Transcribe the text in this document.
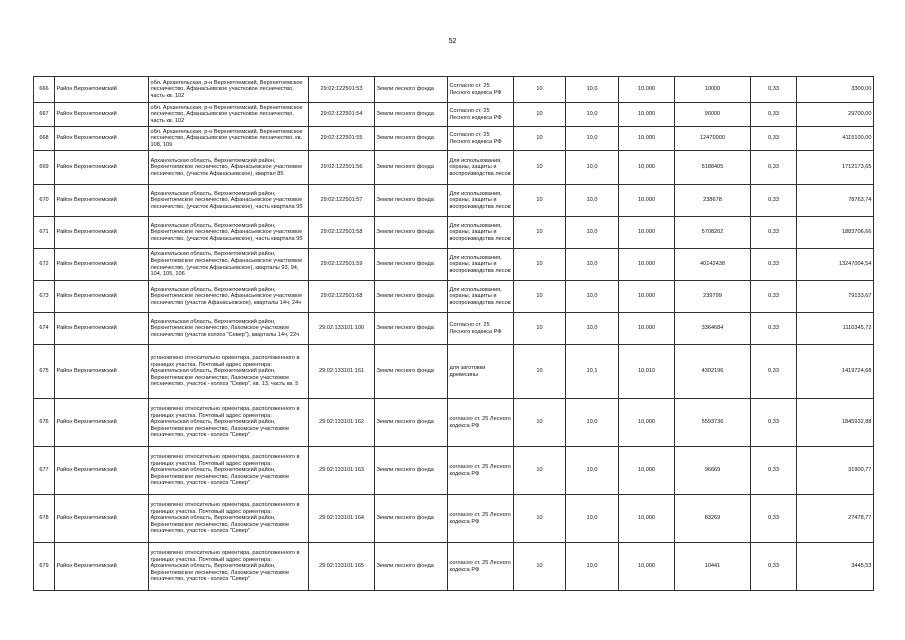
52
666	Район Верхнетоемский	обл. Архангельская, р-н Верхнетоемский, Верхнетоемское лесничество, Афанасьевское участковое лесничество, часть кв. 102	29:02:122501:53	Земли лесного фонда	Согласно ст. 25 Лесного кодекса РФ	10	10,0	10,000	10000	0,33	3300,00
667	Район Верхнетоемский	обл. Архангельская, р-н Верхнетоемский, Верхнетоемское лесничество, Афанасьевское участковое лесничество, часть кв. 102	29:02:122501:54	Земли лесного фонда	Согласно ст. 25 Лесного кодекса РФ	10	10,0	10,000	90000	0,33	29700,00
668	Район Верхнетоемский	обл. Архангельская, р-н Верхнетоемский, Верхнетоемское лесничество, Афанасьевское участковое лесничество, кв. 108, 109	29:02:122501:55	Земли лесного фонда	Согласно ст. 25 Лесного кодекса РФ	10	10,0	10,000	12470000	0,33	4115100,00
669	Район Верхнетоемский	Архангельская область, Верхнетоемский район, Верхнетоемское лесничество, Афанасьевское участковое лесничество, (участок Афанасьевское), квартал 85	29:02:122501:56	Земли лесного фонда	Для использования, охраны, защиты и воспроизводства лесов	10	10,0	10,000	5188405	0,33	1712173,65
670	Район Верхнетоемский	Архангельская область, Верхнетоемский район, Верхнетоемское лесничество, Афанасьевское участковое лесничество, (участок Афанасьевское), часть квартала 95	29:02:122501:57	Земли лесного фонда	Для использования, охраны, защиты и воспроизводства лесов	10	10,0	10,000	238678	0,33	78763,74
671	Район Верхнетоемский	Архангельская область, Верхнетоемский район, Верхнетоемское лесничество, Афанасьевское участковое лесничество, (участок Афанасьевское), часть квартала 95	29:02:122501:58	Земли лесного фонда	Для использования, охраны, защиты и воспроизводства лесов	10	10,0	10,000	5708202	0,33	1883706,66
672	Район Верхнетоемский	Архангельская область, Верхнетоемский район, Верхнетоемское лесничество, Афанасьевское участковое лесничество, (участок Афанасьевское), кварталы 93, 94, 104, 105, 106	29:02:122501:59	Земли лесного фонда	Для использования, охраны, защиты и воспроизводства лесов	10	10,0	10,000	40142438	0,33	13247004,54
673	Район Верхнетоемский	Архангельская область, Верхнетоемский район, Верхнетоемское лесничество, Афанасьевское участковое лесничество (участок Афанасьевское), кварталы 14ч, 24ч	29:02:122501:68	Земли лесного фонда	Для использования, охраны, защиты и воспроизводства лесов	10	10,0	10,000	239799	0,33	79133,67
674	Район Верхнетоемский	Архангельская область, Верхнетоемский район, Верхнетоемское лесничество, Лахомское участковое лесничество (участок колхоз "Север"), кварталы 14ч, 22ч	29:02:133101:100	Земли лесного фонда	Согласно ст. 25 Лесного кодекса РФ	10	10,0	10,000	3364684	0,33	1110345,72
675	Район Верхнетоемский	установлено относительно ориентира, расположенного в границах участка. Почтовый адрес ориентира: Архангельская область, Верхнетоемский район, Верхнетоемское лесничество, Лахомское участковое лесничество, участок - колхоз "Север", кв. 13, часть кв. 5	29:02:133101:161	Земли лесного фонда	для заготовки древесины	10	10,1	10,010	4302196	0,33	1419724,68
676	Район Верхнетоемский	установлено относительно ориентира, расположенного в границах участка. Почтовый адрес ориентира: Архангельская область, Верхнетоемский район, Верхнетоемское лесничество, Лахомское участковое лесничество, участок - колхоз "Север"	29:02:133101:162	Земли лесного фонда	согласно ст. 25 Лесного кодекса РФ	10	10,0	10,000	5593736	0,33	1845932,88
677	Район Верхнетоемский	установлено относительно ориентира, расположенного в границах участка. Почтовый адрес ориентира: Архангельская область, Верхнетоемский район, Верхнетоемское лесничество, Лахомское участковое лесничество, участок - колхоз "Север"	29:02:133101:163	Земли лесного фонда	согласно ст. 25 Лесного кодекса РФ	10	10,0	10,000	96669	0,33	31900,77
678	Район Верхнетоемский	установлено относительно ориентира, расположенного в границах участка. Почтовый адрес ориентира: Архангельская область, Верхнетоемский район, Верхнетоемское лесничество, Лахомское участковое лесничество, участок - колхоз "Север"	29:02:133101:164	Земли лесного фонда	согласно ст. 25 Лесного кодекса РФ	10	10,0	10,000	83269	0,33	27478,77
679	Район Верхнетоемский	установлено относительно ориентира, расположенного в границах участка. Почтовый адрес ориентира: Архангельская область, Верхнетоемский район, Верхнетоемское лесничество, Лахомское участковое лесничество, участок - колхоз "Север"	29:02:133101:165	Земли лесного фонда	согласно ст. 25 Лесного кодекса РФ	10	10,0	10,000	10441	0,33	3445,53
